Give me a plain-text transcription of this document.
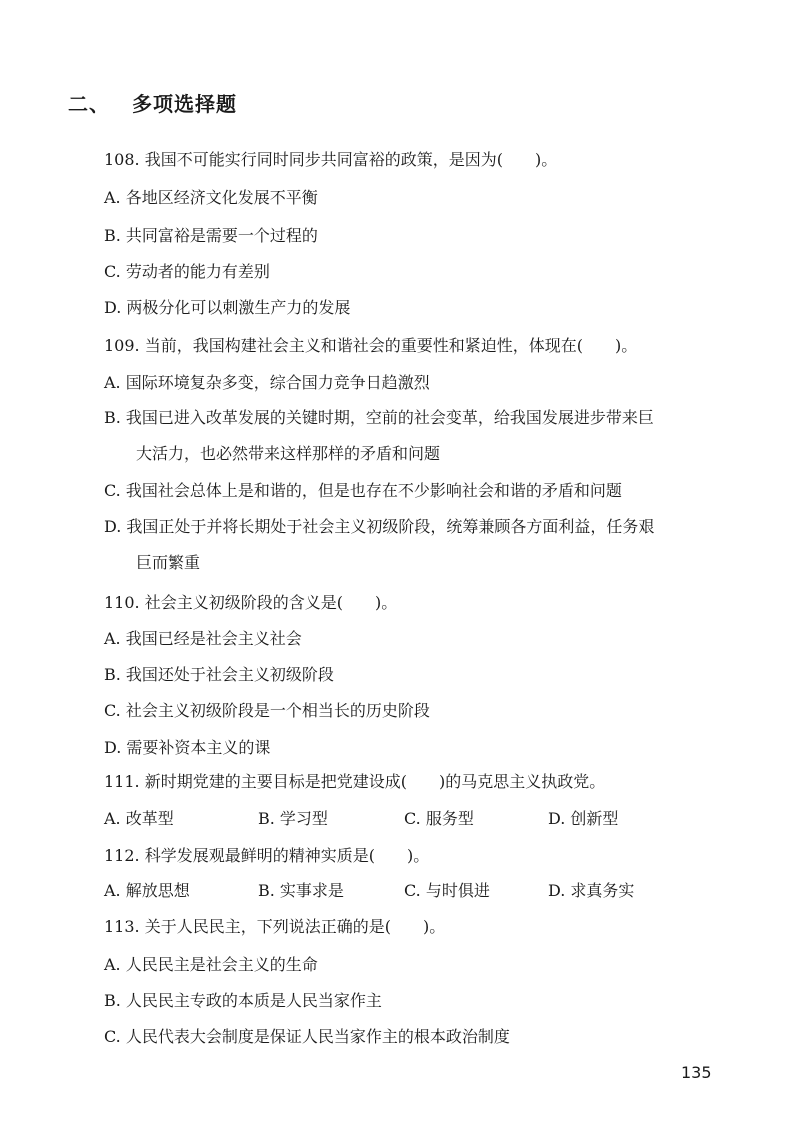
二、 多项选择题
108. 我国不可能实行同时同步共同富裕的政策，是因为(　　)。
A. 各地区经济文化发展不平衡
B. 共同富裕是需要一个过程的
C. 劳动者的能力有差别
D. 两极分化可以刺激生产力的发展
109. 当前，我国构建社会主义和谐社会的重要性和紧迫性，体现在(　　)。
A. 国际环境复杂多变，综合国力竞争日趋激烈
B. 我国已进入改革发展的关键时期，空前的社会变革，给我国发展进步带来巨
大活力，也必然带来这样那样的矛盾和问题
C. 我国社会总体上是和谐的，但是也存在不少影响社会和谐的矛盾和问题
D. 我国正处于并将长期处于社会主义初级阶段，统筹兼顾各方面利益，任务艰
巨而繁重
110. 社会主义初级阶段的含义是(　　)。
A. 我国已经是社会主义社会
B. 我国还处于社会主义初级阶段
C. 社会主义初级阶段是一个相当长的历史阶段
D. 需要补资本主义的课
111. 新时期党建的主要目标是把党建设成(　　)的马克思主义执政党。
A. 改革型	B. 学习型	C. 服务型	D. 创新型
112. 科学发展观最鲜明的精神实质是(　　)。
A. 解放思想	B. 实事求是	C. 与时俱进	D. 求真务实
113. 关于人民民主，下列说法正确的是(　　)。
A. 人民民主是社会主义的生命
B. 人民民主专政的本质是人民当家作主
C. 人民代表大会制度是保证人民当家作主的根本政治制度
135
